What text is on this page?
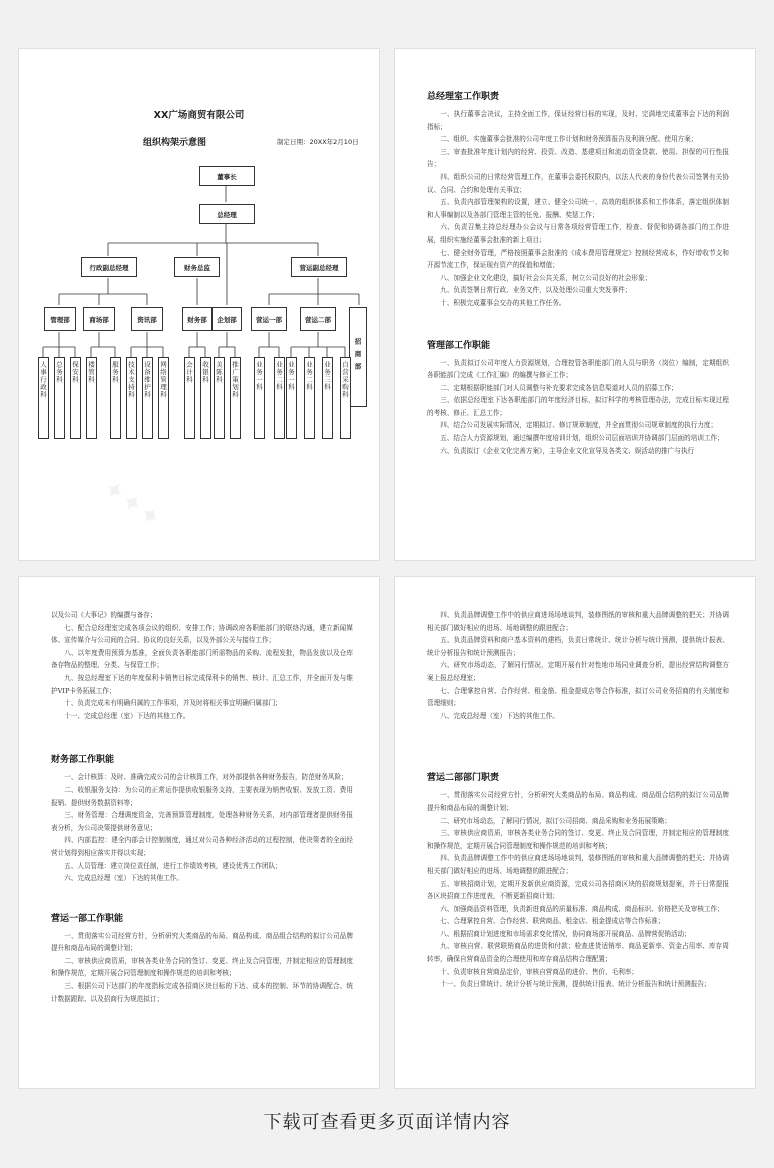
XX广场商贸有限公司
组织构架示意图	制定日期：20XX年2月10日
董事长
总经理
行政副总经理	财务总监	营运副总经理
管理部	商场部	资讯部	财务部	企划部	营运一部	营运二部
招商部
人事行政科	总务科	保安科	楼管科	服务科	技术支持科	设备维护科	网络管理科	会计科	收银科 美陈科	推广策划科	业务一科	业务二科 业务一科	业务二科	业务三科	自营采购科
✦✦✦
总经理室工作职责

一、执行董事会决议，主持全面工作，保证经营目标的实现，及时、完满地完成董事会下达的利润指标；

二、组织、实施董事会批准的公司年度工作计划和财务预算报告及利润分配、使用方案；

三、审查批准年度计划内的经营、投资、改造、基建项目和流动资金贷款、使用、担保的可行性报告；

四、组织公司的日常经营管理工作，在董事会委托权限内，以法人代表的身份代表公司签署有关协议、合同、合约和处理有关事宜；

五、负责内部管理架构的设置，建立、健全公司统一、高效的组织体系和工作体系，落定组织体制和人事编制以及各部门管理主管的任免、报酬、奖惩工作；

六、负责召集主持总经理办公会议与日常各项经营管理工作，检查、督促和协调各部门的工作进展，组织实施经董事会批准的新上项目；

七、健全财务管理，严格按照董事会批准的《成本费用管理规定》控制经营成本，作好增收节支和开源节流工作，保证现有资产的保值和增值；

八、加强企业文化建设，搞好社会公共关系，树立公司良好的社会形象；

九、负责签署日常行政、业务文件，以及处理公司重大突发事件；

十、积极完成董事会交办的其他工作任务。

管理部工作职能

一、负责拟订公司年度人力资源规划，合理控管各职能部门的人员与职务（岗位）编制，定期组织各职能部门完成《工作汇编》的编撰与修正工作；

二、定期根据职能部门对人员调整与补充要求完成各信息渠道对人员的招募工作；

三、依据总经理室下达各职能部门的年度经济目标，拟订科学的考核管理办法，完成目标实现过程的考核、修正、汇总工作；

四、结合公司发展实际情况，定期拟订、修订规章制度，并全面贯彻公司规章制度的执行力度；

五、结合人力资源规划，通过编撰年度培训计划，组织公司层面培训并协调部门层面的培训工作；

六、负责拟订《企业文化完善方案》，主导企业文化宣导及各类文、娱活动的推广与执行

以及公司《大事记》的编撰与备存；

七、配合总经理室完成各项会议的组织、安排工作；协调政府各职能部门的联络沟通，建立新闻媒体、宣传媒介与公司间的合同、协议的良好关系，以及外部公关与接待工作；

八、以年度费用预算为基准，全面负责各职能部门所需物品的采购、流程发批，物品发放以及仓库备存物品的整理、分类、与保管工作；

九、按总经理室下达的年度保利卡销售目标完成保利卡的销售、核计、汇总工作，并全面开发与维护VIP卡务拓展工作；

十、负责完成未有明确归属的工作事项，并及时将相关事宜明确归属部门；

十一、完成总经理（室）下达的其他工作。

财务部工作职能

一、会计核算：及时、准确完成公司的会计核算工作，对外部提供各种财务报告，防范财务风险；

二、收银服务支持：为公司的正常运作提供收银服务支持，主要表现为销售收银、发放工资、费用报销、提供财务数据资料等；

三、财务管理：合理调度资金，完善预算管理制度，处理各种财务关系，对内部管理者提供财务报表分析，为公司决策提供财务意见；

四、内部监控：建全内部会计控制制度，通过对公司各种经济活动的过程控制，使决策者的全面经营计划得到相应落实并得以实现；

五、人员管理：建立岗位责任制，进行工作绩效考核，建设优秀工作团队；

六、完成总经理（室）下达的其他工作。

营运一部工作职能

一、贯彻落实公司经营方针，分析研究大类商品的布局、商品构成、商品组合结构的拟订公司品牌提升和商品布局的调整计划；

二、审核供应商资质，审核各类业务合同的签订、变更、终止及合同管理，并制定相应的管理制度和操作规范，定期开展合同管理制度和操作规范的培训和考核；

三、根据公司下达部门的年度指标完成各招商区块目标的下达、成本的控制、环节的协调配合、统计数据跟踪、以及招商行为规范拟订；

四、负责品牌调整工作中的供应商进场场地谈判，装修图纸的审核和重大品牌调整的把关；并协调相关部门做好相应的进场、场地调整的跟进配合；

五、负责品牌资料和商户基本资料的建档，负责日常统计、统计分析与统计预测，提供统计报表、统计分析报告和统计预测报告；

六、研究市场动态，了解同行情况，定期开展有针对性地市场同业调查分析，提出经营结构调整方案上报总经理室；

七、合理掌控自营、合作经营、租金筋、租金提成店等合作标准，拟订公司业务招商的有关制度和管理细则；

八、完成总经理（室）下达的其他工作。

营运二部部门职责

一、贯彻落实公司经营方针，分析研究大类商品的布局、商品构成、商品组合结构的拟订公司品牌提升和商品布局的调整计划；

二、研究市场动态，了解同行情况，拟订公司招商、商品采购和业务拓展策略；

三、审核供应商资质，审核各类业务合同的签订、变更、终止及合同管理，并制定相应的管理制度和操作规范，定期开展合同管理制度和操作规范的培训和考核；

四、负责品牌调整工作中的供应商进场场地谈判，装修图纸的审核和重大品牌调整的把关；并协调相关部门做好相应的进场、场地调整的跟进配合；

五、审核招商计划，定期开发新供应商资源，完成公司各招商区块的招商规划提案，并于日常提报各区块招商工作进度表，不断更新招商计划；

六、加强商品资料管理，负责新进商品的质量标准、商品构成、商品标识、价格把关及审核工作；

七、合理掌控自营、合作经营、联营商品、租金店、租金提成店等合作标准；

八、根据招商计划进度和市场需求变化情况，协同商场部开展商品、品牌营促销活动；

九、审核自营、联营联销商品的进货和付款；检查进货适销率、商品更新率、资金占用率、库存周转率，确保自营商品资金的合理使用和库存商品结构合理配置；

十、负责审核自营商品定价，审核自营商品的进价、售价、毛利率；

十一、负责日常统计、统计分析与统计预测，提供统计报表、统计分析报告和统计预测报告；

下载可查看更多页面详情内容
